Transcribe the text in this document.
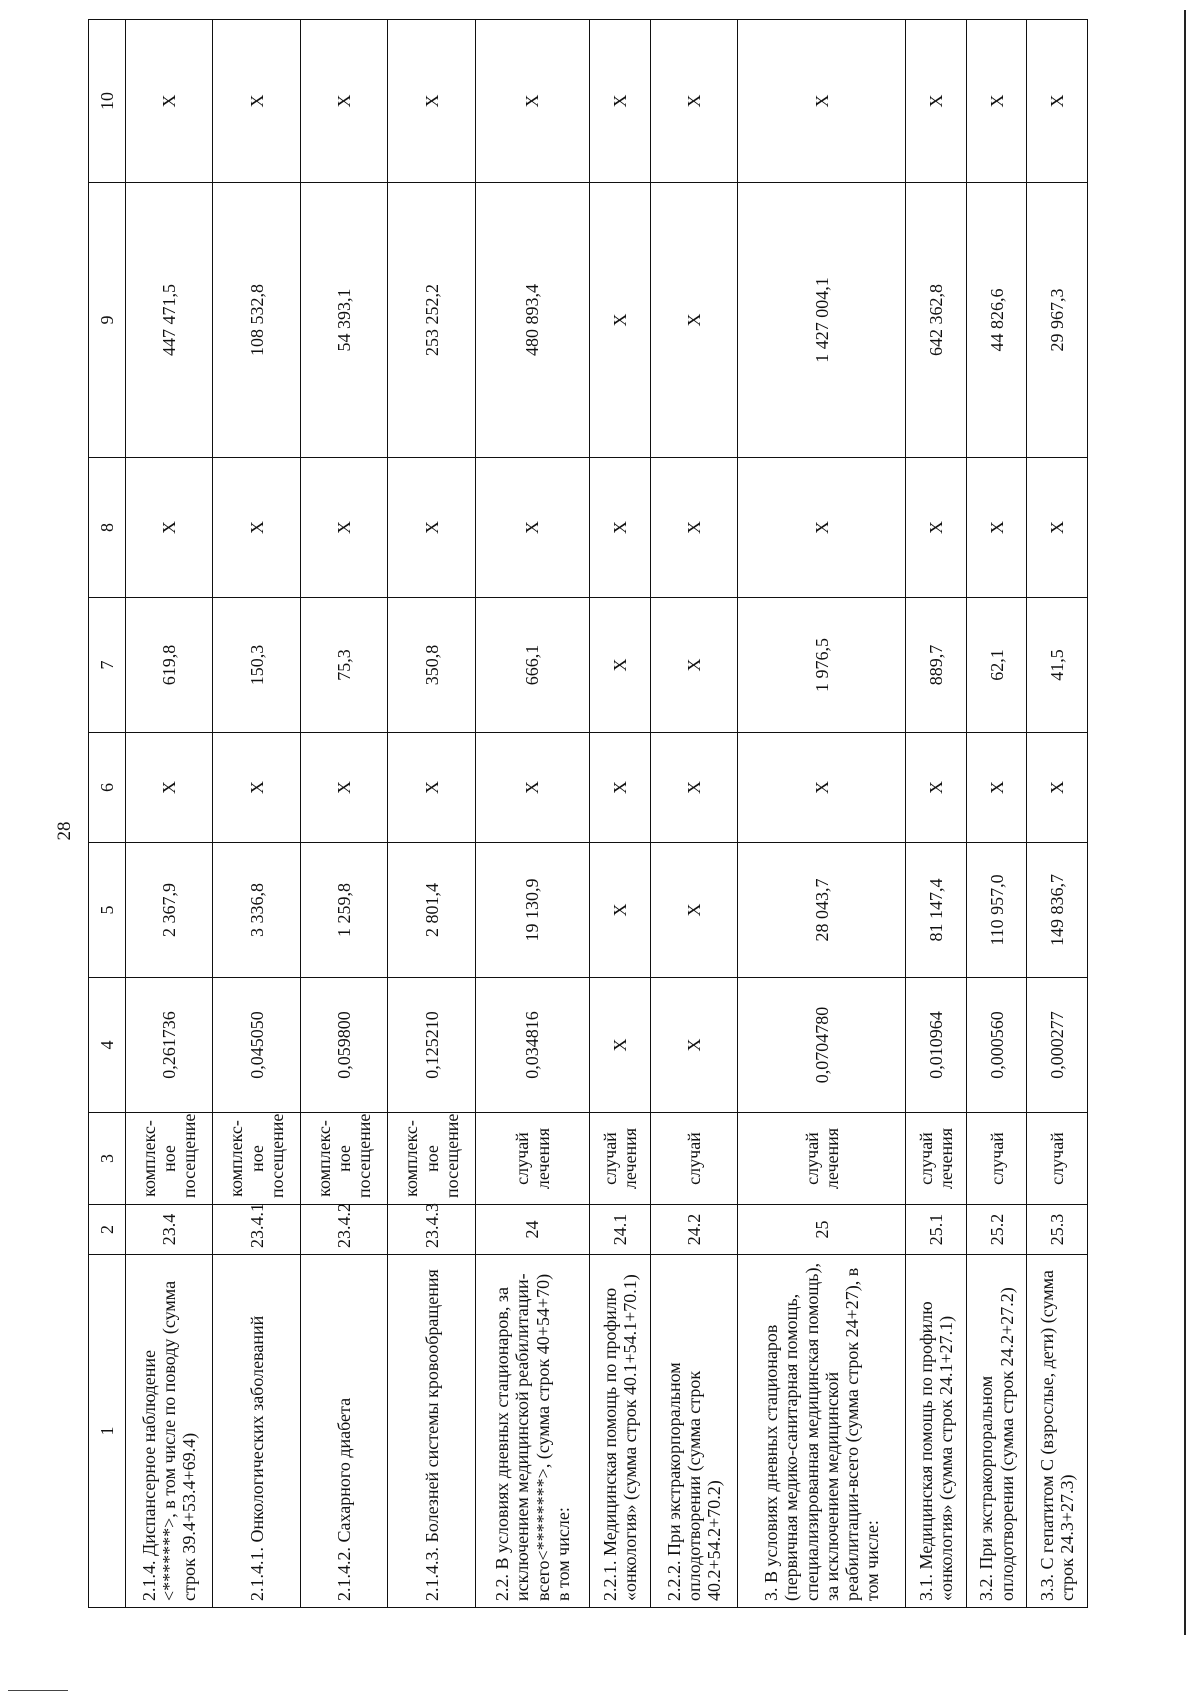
28
1	2	3	4	5	6	7	8	9	10
2.1.4. Диспансерное наблюдение <*******>, в том числе по поводу (сумма строк 39.4+53.4+69.4)	23.4	комплекс-ное посещение	0,261736	2 367,9	Х	619,8	Х	447 471,5	Х
2.1.4.1. Онкологических заболеваний	23.4.1	комплекс-ное посещение	0,045050	3 336,8	Х	150,3	Х	108 532,8	Х
2.1.4.2. Сахарного диабета	23.4.2	комплекс-ное посещение	0,059800	1 259,8	Х	75,3	Х	54 393,1	Х
2.1.4.3. Болезней системы кровообращения	23.4.3	комплекс-ное посещение	0,125210	2 801,4	Х	350,8	Х	253 252,2	Х
2.2. В условиях дневных стационаров, за исключением медицинской реабилитации-всего<********>, (сумма строк 40+54+70) в том числе:	24	случай лечения	0,034816	19 130,9	Х	666,1	Х	480 893,4	Х
2.2.1. Медицинская помощь по профилю «онкология» (сумма строк 40.1+54.1+70.1)	24.1	случай лечения	Х	Х	Х	Х	Х	Х	Х
2.2.2. При экстракорпоральном оплодотворении (сумма строк 40.2+54.2+70.2)	24.2	случай	Х	Х	Х	Х	Х	Х	Х
3. В условиях дневных стационаров (первичная медико-санитарная помощь, специализированная медицинская помощь), за исключением медицинской реабилитации-всего (сумма строк 24+27), в том числе:	25	случай лечения	0,0704780	28 043,7	Х	1 976,5	Х	1 427 004,1	Х
3.1. Медицинская помощь по профилю «онкология» (сумма строк 24.1+27.1)	25.1	случай лечения	0,010964	81 147,4	Х	889,7	Х	642 362,8	Х
3.2. При экстракорпоральном оплодотворении (сумма строк 24.2+27.2)	25.2	случай	0,000560	110 957,0	Х	62,1	Х	44 826,6	Х
3.3. С гепатитом С (взрослые, дети) (сумма строк 24.3+27.3)	25.3	случай	0,000277	149 836,7	Х	41,5	Х	29 967,3	Х
